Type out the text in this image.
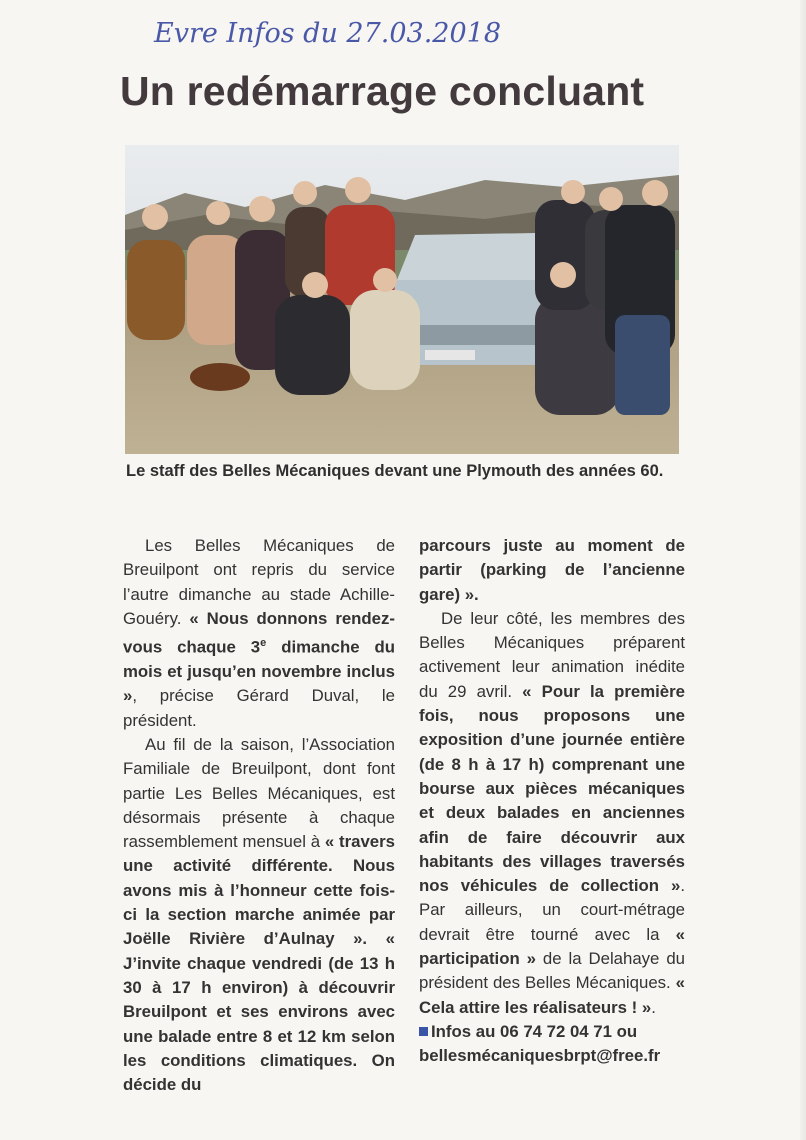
Evre Infos du 27.03.2018
Un redémarrage concluant
Le staff des Belles Mécaniques devant une Plymouth des années 60.

Les Belles Mécaniques de Breuilpont ont repris du service l’autre dimanche au stade Achille-Gouéry. « Nous donnons rendez-vous chaque 3e dimanche du mois et jusqu’en novembre inclus », précise Gérard Duval, le président.

Au fil de la saison, l’Association Familiale de Breuilpont, dont font partie Les Belles Mécaniques, est désormais présente à chaque rassemblement mensuel à « travers une activité différente. Nous avons mis à l’honneur cette fois-ci la section marche animée par Joëlle Rivière d’Aulnay ». « J’invite chaque vendredi (de 13 h 30 à 17 h environ) à découvrir Breuilpont et ses environs avec une balade entre 8 et 12 km selon les conditions climatiques. On décide du

parcours juste au moment de partir (parking de l’ancienne gare) ».

De leur côté, les membres des Belles Mécaniques préparent activement leur animation inédite du 29 avril. « Pour la première fois, nous proposons une exposition d’une journée entière (de 8 h à 17 h) comprenant une bourse aux pièces mécaniques et deux balades en anciennes afin de faire découvrir aux habitants des villages traversés nos véhicules de collection ». Par ailleurs, un court-métrage devrait être tourné avec la « participation » de la Delahaye du président des Belles Mécaniques. « Cela attire les réalisateurs ! ».

Infos au 06 74 72 04 71 ou bellesmécaniquesbrpt@free.fr
